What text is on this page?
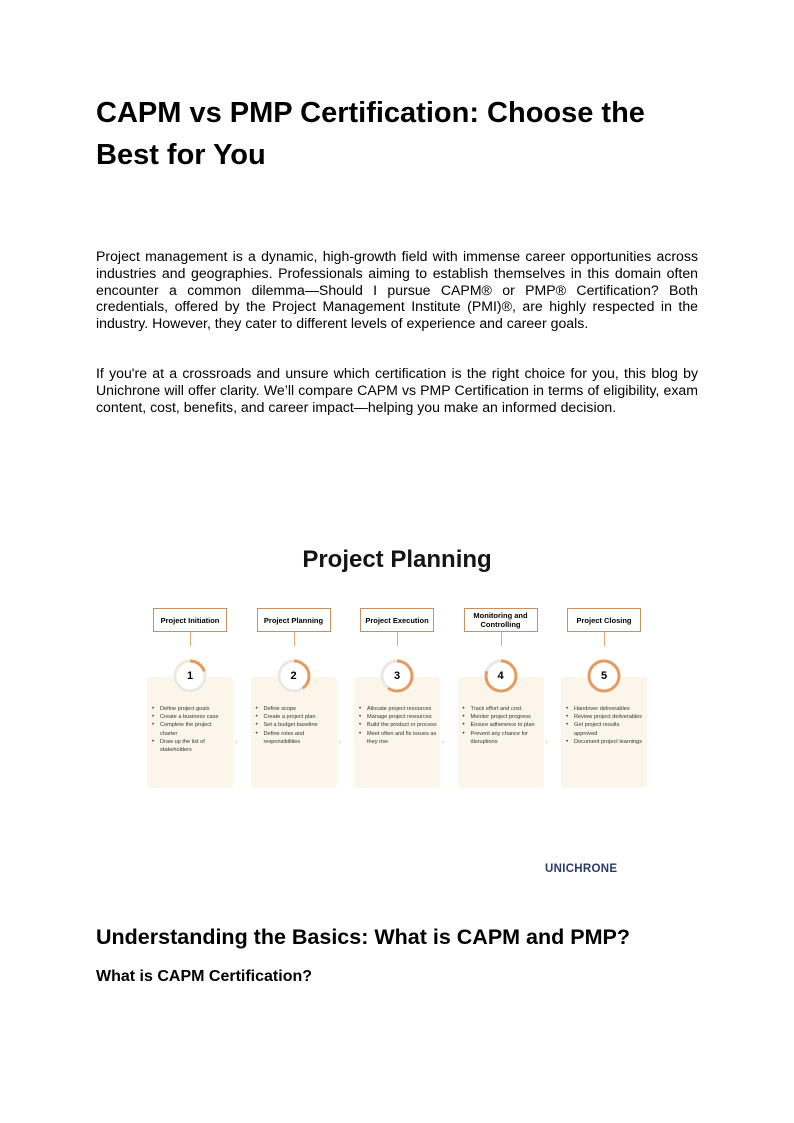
CAPM vs PMP Certification: Choose the Best for You

Project management is a dynamic, high-growth field with immense career opportunities across industries and geographies. Professionals aiming to establish themselves in this domain often encounter a common dilemma—Should I pursue CAPM® or PMP® Certification? Both credentials, offered by the Project Management Institute (PMI)®, are highly respected in the industry. However, they cater to different levels of experience and career goals.

If you're at a crossroads and unsure which certification is the right choice for you, this blog by Unichrone will offer clarity. We’ll compare CAPM vs PMP Certification in terms of eligibility, exam content, cost, benefits, and career impact—helping you make an informed decision.

Project Planning
Project Initiation
1
• Define project goals
• Create a business case
• Complete the project charter
• Draw up the list of stakeholders
›
Project Planning
2
• Define scope
• Create a project plan
• Set a budget baseline
• Define roles and responsibilities	›
Project Execution
3
• Allocate project resources
• Manage project resources
• Build the product or process
• Meet often and fix issues as they rise	›
Monitoring and Controlling
4
• Track effort and cost
• Monitor project progress
• Ensure adherence to plan
• Prevent any chance for disruptions	›
Project Closing
5
• Handover deliverables
• Review project deliverables
• Get project results approved
• Document project learnings
UNICHRONE
Understanding the Basics: What is CAPM and PMP?
What is CAPM Certification?
